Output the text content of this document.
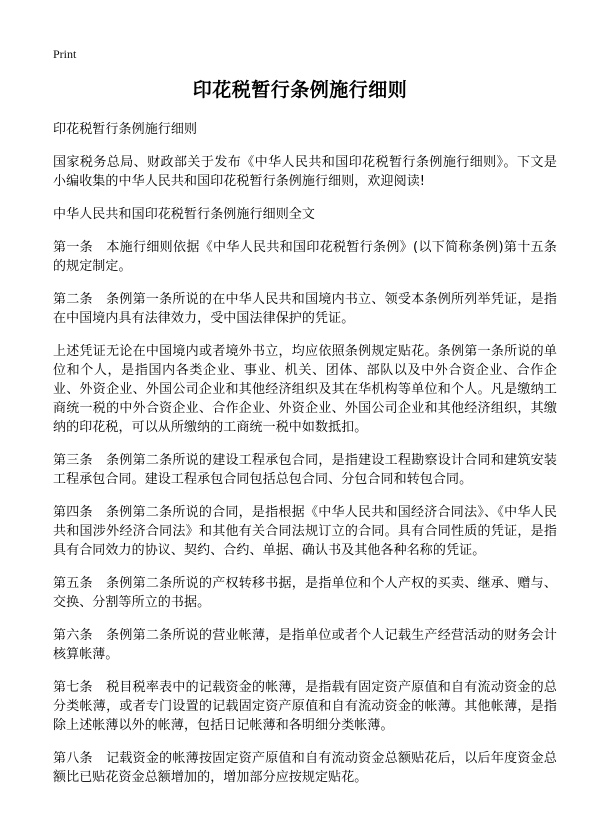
Print
印花税暂行条例施行细则

印花税暂行条例施行细则

国家税务总局、财政部关于发布《中华人民共和国印花税暂行条例施行细则》。下文是小编收集的中华人民共和国印花税暂行条例施行细则，欢迎阅读!

中华人民共和国印花税暂行条例施行细则全文

第一条　本施行细则依据《中华人民共和国印花税暂行条例》(以下简称条例)第十五条的规定制定。

第二条　条例第一条所说的在中华人民共和国境内书立、领受本条例所列举凭证，是指在中国境内具有法律效力，受中国法律保护的凭证。

上述凭证无论在中国境内或者境外书立，均应依照条例规定贴花。条例第一条所说的单位和个人，是指国内各类企业、事业、机关、团体、部队以及中外合资企业、合作企业、外资企业、外国公司企业和其他经济组织及其在华机构等单位和个人。凡是缴纳工商统一税的中外合资企业、合作企业、外资企业、外国公司企业和其他经济组织，其缴纳的印花税，可以从所缴纳的工商统一税中如数抵扣。

第三条　条例第二条所说的建设工程承包合同，是指建设工程勘察设计合同和建筑安装工程承包合同。建设工程承包合同包括总包合同、分包合同和转包合同。

第四条　条例第二条所说的合同，是指根据《中华人民共和国经济合同法》、《中华人民共和国涉外经济合同法》和其他有关合同法规订立的合同。具有合同性质的凭证，是指具有合同效力的协议、契约、合约、单据、确认书及其他各种名称的凭证。

第五条　条例第二条所说的产权转移书据，是指单位和个人产权的买卖、继承、赠与、交换、分割等所立的书据。

第六条　条例第二条所说的营业帐薄，是指单位或者个人记载生产经营活动的财务会计核算帐薄。

第七条　税目税率表中的记载资金的帐薄，是指载有固定资产原值和自有流动资金的总分类帐薄，或者专门设置的记载固定资产原值和自有流动资金的帐薄。其他帐薄，是指除上述帐薄以外的帐薄，包括日记帐薄和各明细分类帐薄。

第八条　记载资金的帐薄按固定资产原值和自有流动资金总额贴花后，以后年度资金总额比已贴花资金总额增加的，增加部分应按规定贴花。
